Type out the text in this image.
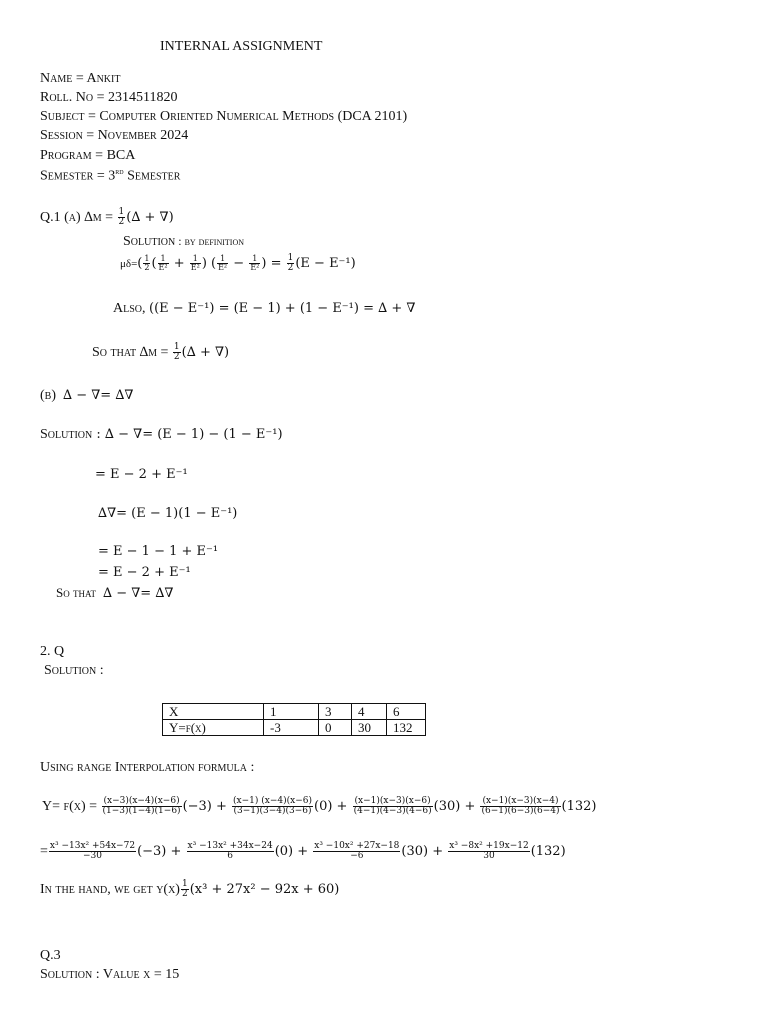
INTERNAL ASSIGNMENT
Name = Ankit
Roll. No = 2314511820
Subject = Computer Oriented Numerical Methods (DCA 2101)
Session = November 2024
Program = BCA
Semester = 3rd Semester
Q.1 (a) $\Delta m = \frac{1}{2}$ (∆ + ∇)
Solution : by definition
$\mu\delta=( \frac{1}{2}$ ( $\frac{1}{\text{E²}} + \frac{1}{\text{E²}}$ ) ( $\frac{1}{\text{E²}} - \frac{1}{\text{E²}}$ ) = $\frac{1}{2} (E - E^{-1})$
Also, ((E − E⁻¹) = (E − 1) + (1 − E⁻¹) = ∆ + ∇
So that $\Delta m = \frac{1}{2}$ (∆ + ∇)
(b) ∆ − ∇= ∆∇
Solution : ∆ − ∇= (E − 1) − (1 − E⁻¹)
= E − 2 + E⁻¹
∆∇= (E − 1)(1 − E⁻¹)
= E − 1 − 1 + E⁻¹
= E − 2 + E⁻¹
So that ∆ − ∇= ∆∇
2. Q
Solution :
X	1	3	4	6
Y=f(x)	-3	0	30	132
Using range Interpolation formula :
$Y= f(x) = \frac{(x-3)(x-4)(x-6)}{(1-3)(1-4)(1-6)} (-3) + \frac{(x-1) (x-4)(x-6)}{(3-1)(3-4)(3-6)} (0) + \frac{(x-1)(x-3)(x-6)}{(4-1)(4-3)(4-6)} (30) + \frac{(x-1)(x-3)(x-4)}{(6-1)(6-3)(6-4)} (132)$
= $\frac{\text{x³ −13x² +54x−72}}{-30} (-3) + \frac{\text{x³ −13x² +34x−24}}{6} (0) + \frac{\text{x³ −10x² +27x−18}}{-6} (30) + \frac{\text{x³ −8x² +19x−12}}{30} (132)$
In the hand, we get $y(x) \frac{1}{2} (x^3 + 27x^2 - 92x + 60)$
Q.3
Solution : Value x = 15
